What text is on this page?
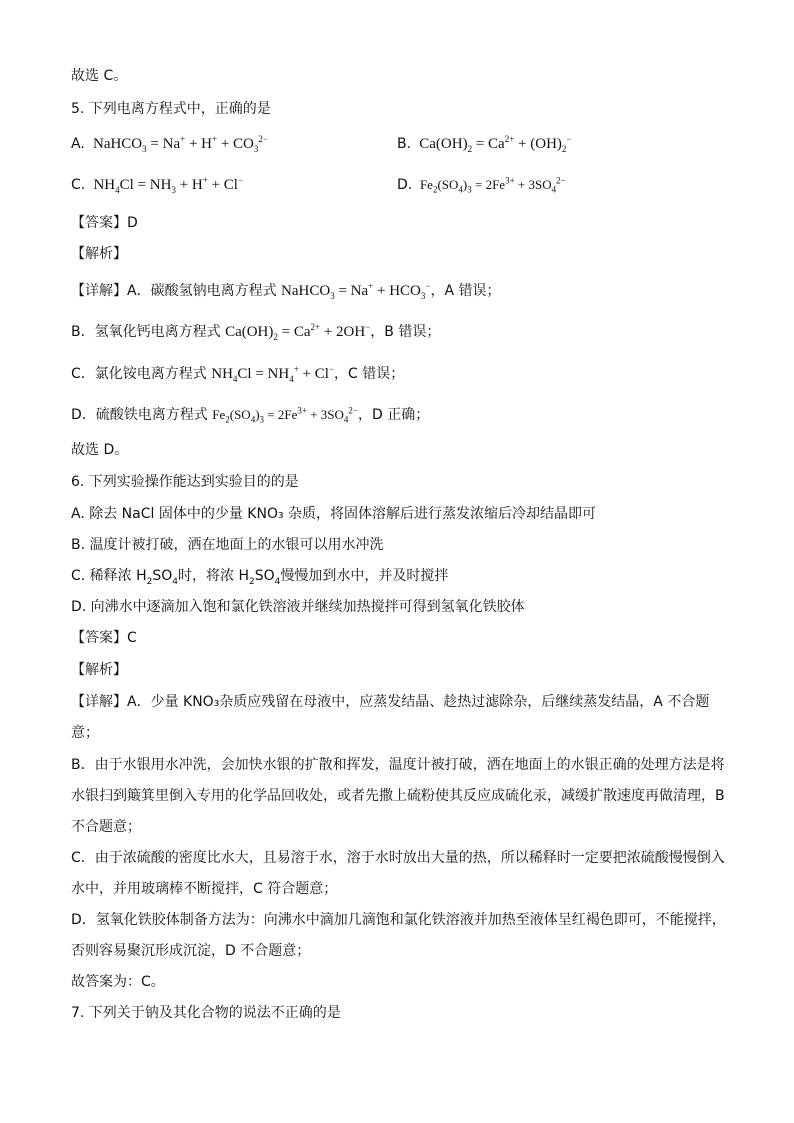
故选 C。
5. 下列电离方程式中，正确的是
A.  NaHCO$_3$ = $Na^+ + H^+ + CO_3^{2-}$	B.  $Ca(OH)_2 = Ca^{2+} + (OH)_2^-$
C.  $NH_4Cl = NH_3 + H^+ + Cl^-$	D.  $Fe_2(SO_4)_3 = 2Fe^{3+} + 3SO_4^{2-}$
【答案】D
【解析】
【详解】A．碳酸氢钠电离方程式 NaHCO$_3$ = $Na^+ + HCO_3^-$，A 错误；
B．氢氧化钙电离方程式 $Ca(OH)_2 = Ca^{2+} + 2OH^-$，B 错误；
C．氯化铵电离方程式 $NH_4Cl = NH_4^+ + Cl^-$，C 错误；
D．硫酸铁电离方程式 $Fe_2(SO_4)_3 = 2Fe^{3+} + 3SO_4^{2-}$，D 正确；
故选 D。
6. 下列实验操作能达到实验目的的是
A. 除去 NaCl 固体中的少量 KNO₃ 杂质，将固体溶解后进行蒸发浓缩后冷却结晶即可
B. 温度计被打破，洒在地面上的水银可以用水冲洗
C. 稀释浓 $H_2SO_4$时，将浓 $H_2SO_4$慢慢加到水中，并及时搅拌
D. 向沸水中逐滴加入饱和氯化铁溶液并继续加热搅拌可得到氢氧化铁胶体
【答案】C
【解析】
【详解】A．少量 KNO₃杂质应残留在母液中，应蒸发结晶、趁热过滤除杂，后继续蒸发结晶，A 不合题
意；
B．由于水银用水冲洗，会加快水银的扩散和挥发，温度计被打破，洒在地面上的水银正确的处理方法是将
水银扫到簸箕里倒入专用的化学品回收处，或者先撒上硫粉使其反应成硫化汞，减缓扩散速度再做清理，B
不合题意；
C．由于浓硫酸的密度比水大，且易溶于水，溶于水时放出大量的热，所以稀释时一定要把浓硫酸慢慢倒入
水中，并用玻璃棒不断搅拌，C 符合题意；
D．氢氧化铁胶体制备方法为：向沸水中滴加几滴饱和氯化铁溶液并加热至液体呈红褐色即可，不能搅拌，
否则容易聚沉形成沉淀，D 不合题意；
故答案为：C。
7. 下列关于钠及其化合物的说法不正确的是
